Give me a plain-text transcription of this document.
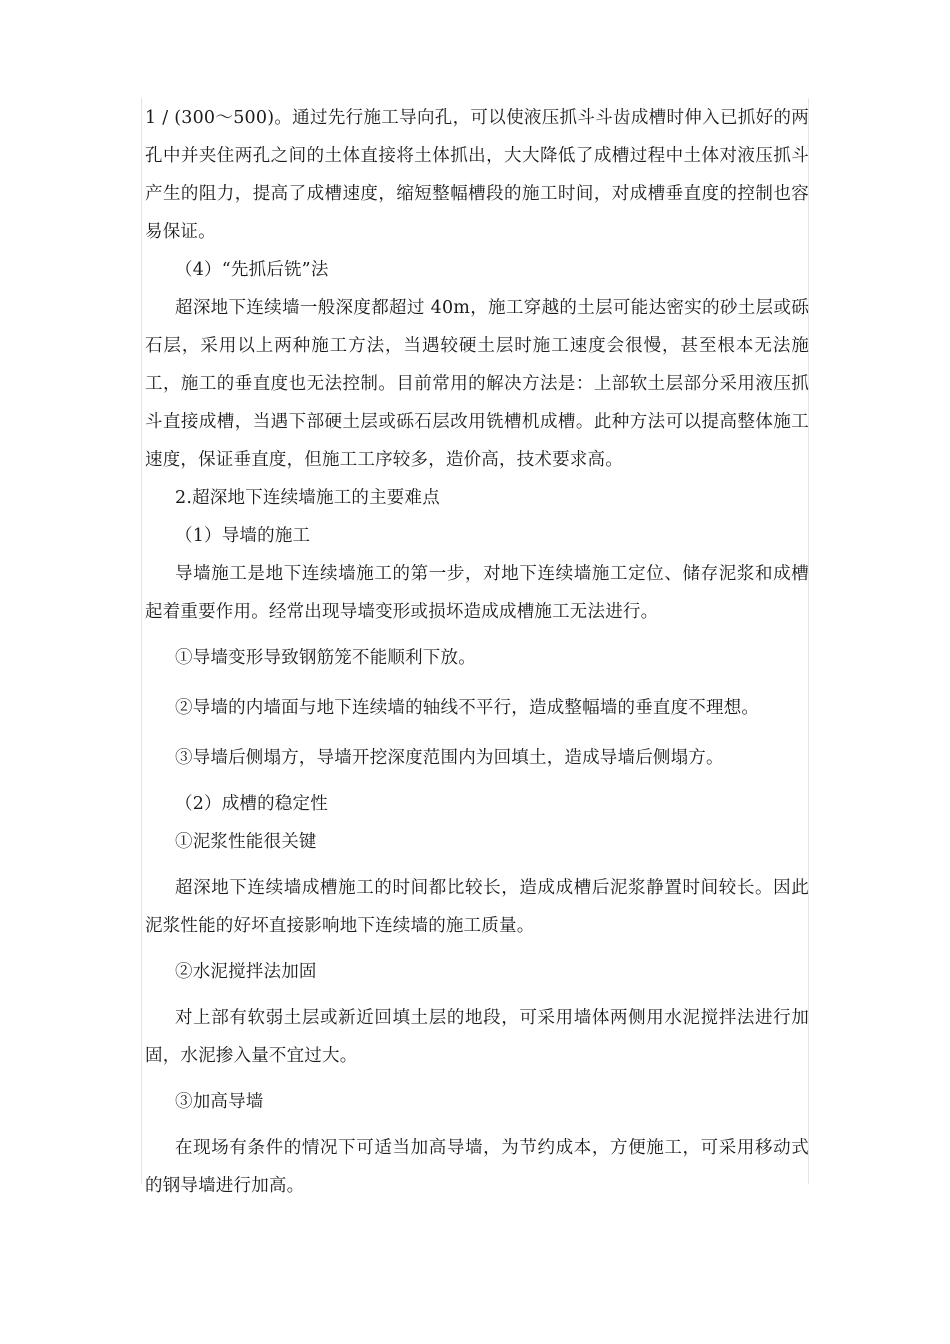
1 / (300～500)。通过先行施工导向孔，可以使液压抓斗斗齿成槽时伸入已抓好的两孔中并夹住两孔之间的土体直接将土体抓出，大大降低了成槽过程中土体对液压抓斗产生的阻力，提高了成槽速度，缩短整幅槽段的施工时间，对成槽垂直度的控制也容易保证。

（4）“先抓后铣”法

超深地下连续墙一般深度都超过 40m，施工穿越的土层可能达密实的砂土层或砾石层，采用以上两种施工方法，当遇较硬土层时施工速度会很慢，甚至根本无法施工，施工的垂直度也无法控制。目前常用的解决方法是：上部软土层部分采用液压抓斗直接成槽，当遇下部硬土层或砾石层改用铣槽机成槽。此种方法可以提高整体施工速度，保证垂直度，但施工工序较多，造价高，技术要求高。

2.超深地下连续墙施工的主要难点

（1）导墙的施工

导墙施工是地下连续墙施工的第一步，对地下连续墙施工定位、储存泥浆和成槽起着重要作用。经常出现导墙变形或损坏造成成槽施工无法进行。

①导墙变形导致钢筋笼不能顺利下放。

②导墙的内墙面与地下连续墙的轴线不平行，造成整幅墙的垂直度不理想。

③导墙后侧塌方，导墙开挖深度范围内为回填土，造成导墙后侧塌方。

（2）成槽的稳定性

①泥浆性能很关键

超深地下连续墙成槽施工的时间都比较长，造成成槽后泥浆静置时间较长。因此泥浆性能的好坏直接影响地下连续墙的施工质量。

②水泥搅拌法加固

对上部有软弱土层或新近回填土层的地段，可采用墙体两侧用水泥搅拌法进行加固，水泥掺入量不宜过大。

③加高导墙

在现场有条件的情况下可适当加高导墙，为节约成本，方便施工，可采用移动式的钢导墙进行加高。
